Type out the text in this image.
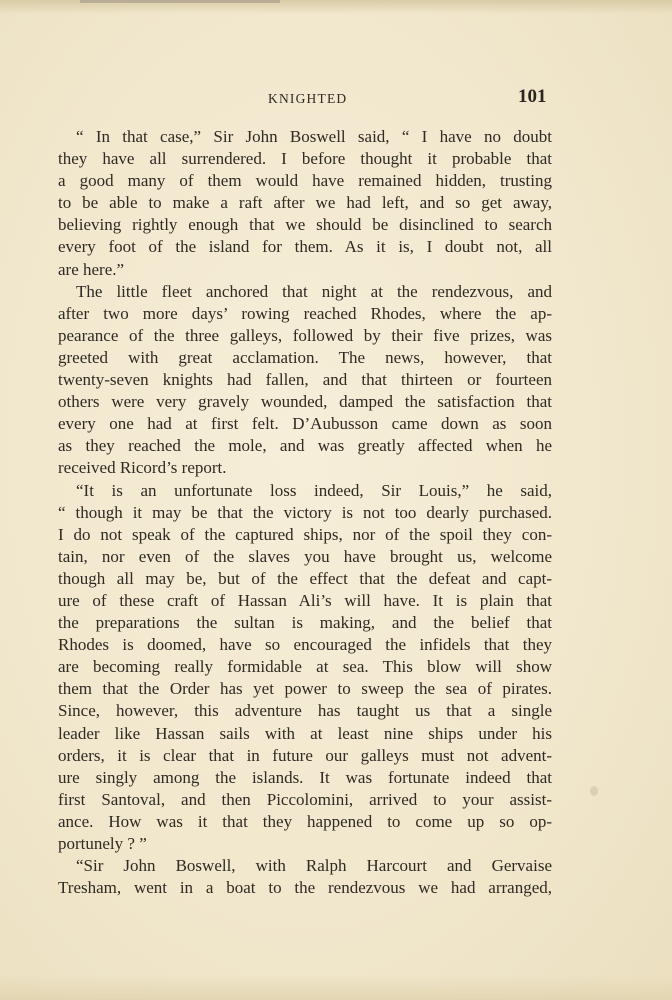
KNIGHTED	101
“ In that case,” Sir John Boswell said, “ I have no doubt
they have all surrendered. I before thought it probable that
a good many of them would have remained hidden, trusting
to be able to make a raft after we had left, and so get away,
believing rightly enough that we should be disinclined to search
every foot of the island for them. As it is, I doubt not, all
are here.”
The little fleet anchored that night at the rendezvous, and
after two more days’ rowing reached Rhodes, where the ap-
pearance of the three galleys, followed by their five prizes, was
greeted with great acclamation. The news, however, that
twenty-seven knights had fallen, and that thirteen or fourteen
others were very gravely wounded, damped the satisfaction that
every one had at first felt. D’Aubusson came down as soon
as they reached the mole, and was greatly affected when he
received Ricord’s report.
“It is an unfortunate loss indeed, Sir Louis,” he said,
“ though it may be that the victory is not too dearly purchased.
I do not speak of the captured ships, nor of the spoil they con-
tain, nor even of the slaves you have brought us, welcome
though all may be, but of the effect that the defeat and capt-
ure of these craft of Hassan Ali’s will have. It is plain that
the preparations the sultan is making, and the belief that
Rhodes is doomed, have so encouraged the infidels that they
are becoming really formidable at sea. This blow will show
them that the Order has yet power to sweep the sea of pirates.
Since, however, this adventure has taught us that a single
leader like Hassan sails with at least nine ships under his
orders, it is clear that in future our galleys must not advent-
ure singly among the islands. It was fortunate indeed that
first Santoval, and then Piccolomini, arrived to your assist-
ance. How was it that they happened to come up so op-
portunely ? ”
“Sir John Boswell, with Ralph Harcourt and Gervaise
Tresham, went in a boat to the rendezvous we had arranged,
